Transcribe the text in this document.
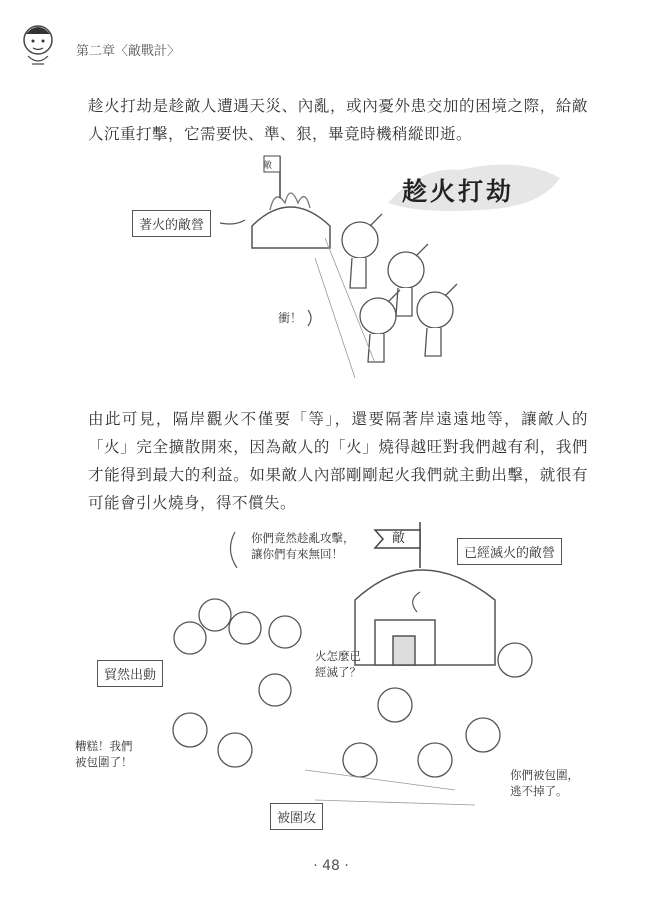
第二章〈敵戰計〉

趁火打劫是趁敵人遭遇天災、內亂，或內憂外患交加的困境之際，給敵人沉重打擊，它需要快、準、狠，畢竟時機稍縱即逝。

敵
趁火打劫
著火的敵營
衝！

由此可見，隔岸觀火不僅要「等」，還要隔著岸遠遠地等，讓敵人的「火」完全擴散開來，因為敵人的「火」燒得越旺對我們越有利，我們才能得到最大的利益。如果敵人內部剛剛起火我們就主動出擊，就很有可能會引火燒身，得不償失。

敵
你們竟然趁亂攻擊，
讓你們有來無回！	已經滅火的敵營
貿然出動
火怎麼已
經滅了？
糟糕！我們
被包圍了！
被圍攻
你們被包圍，
逃不掉了。
· 48 ·
